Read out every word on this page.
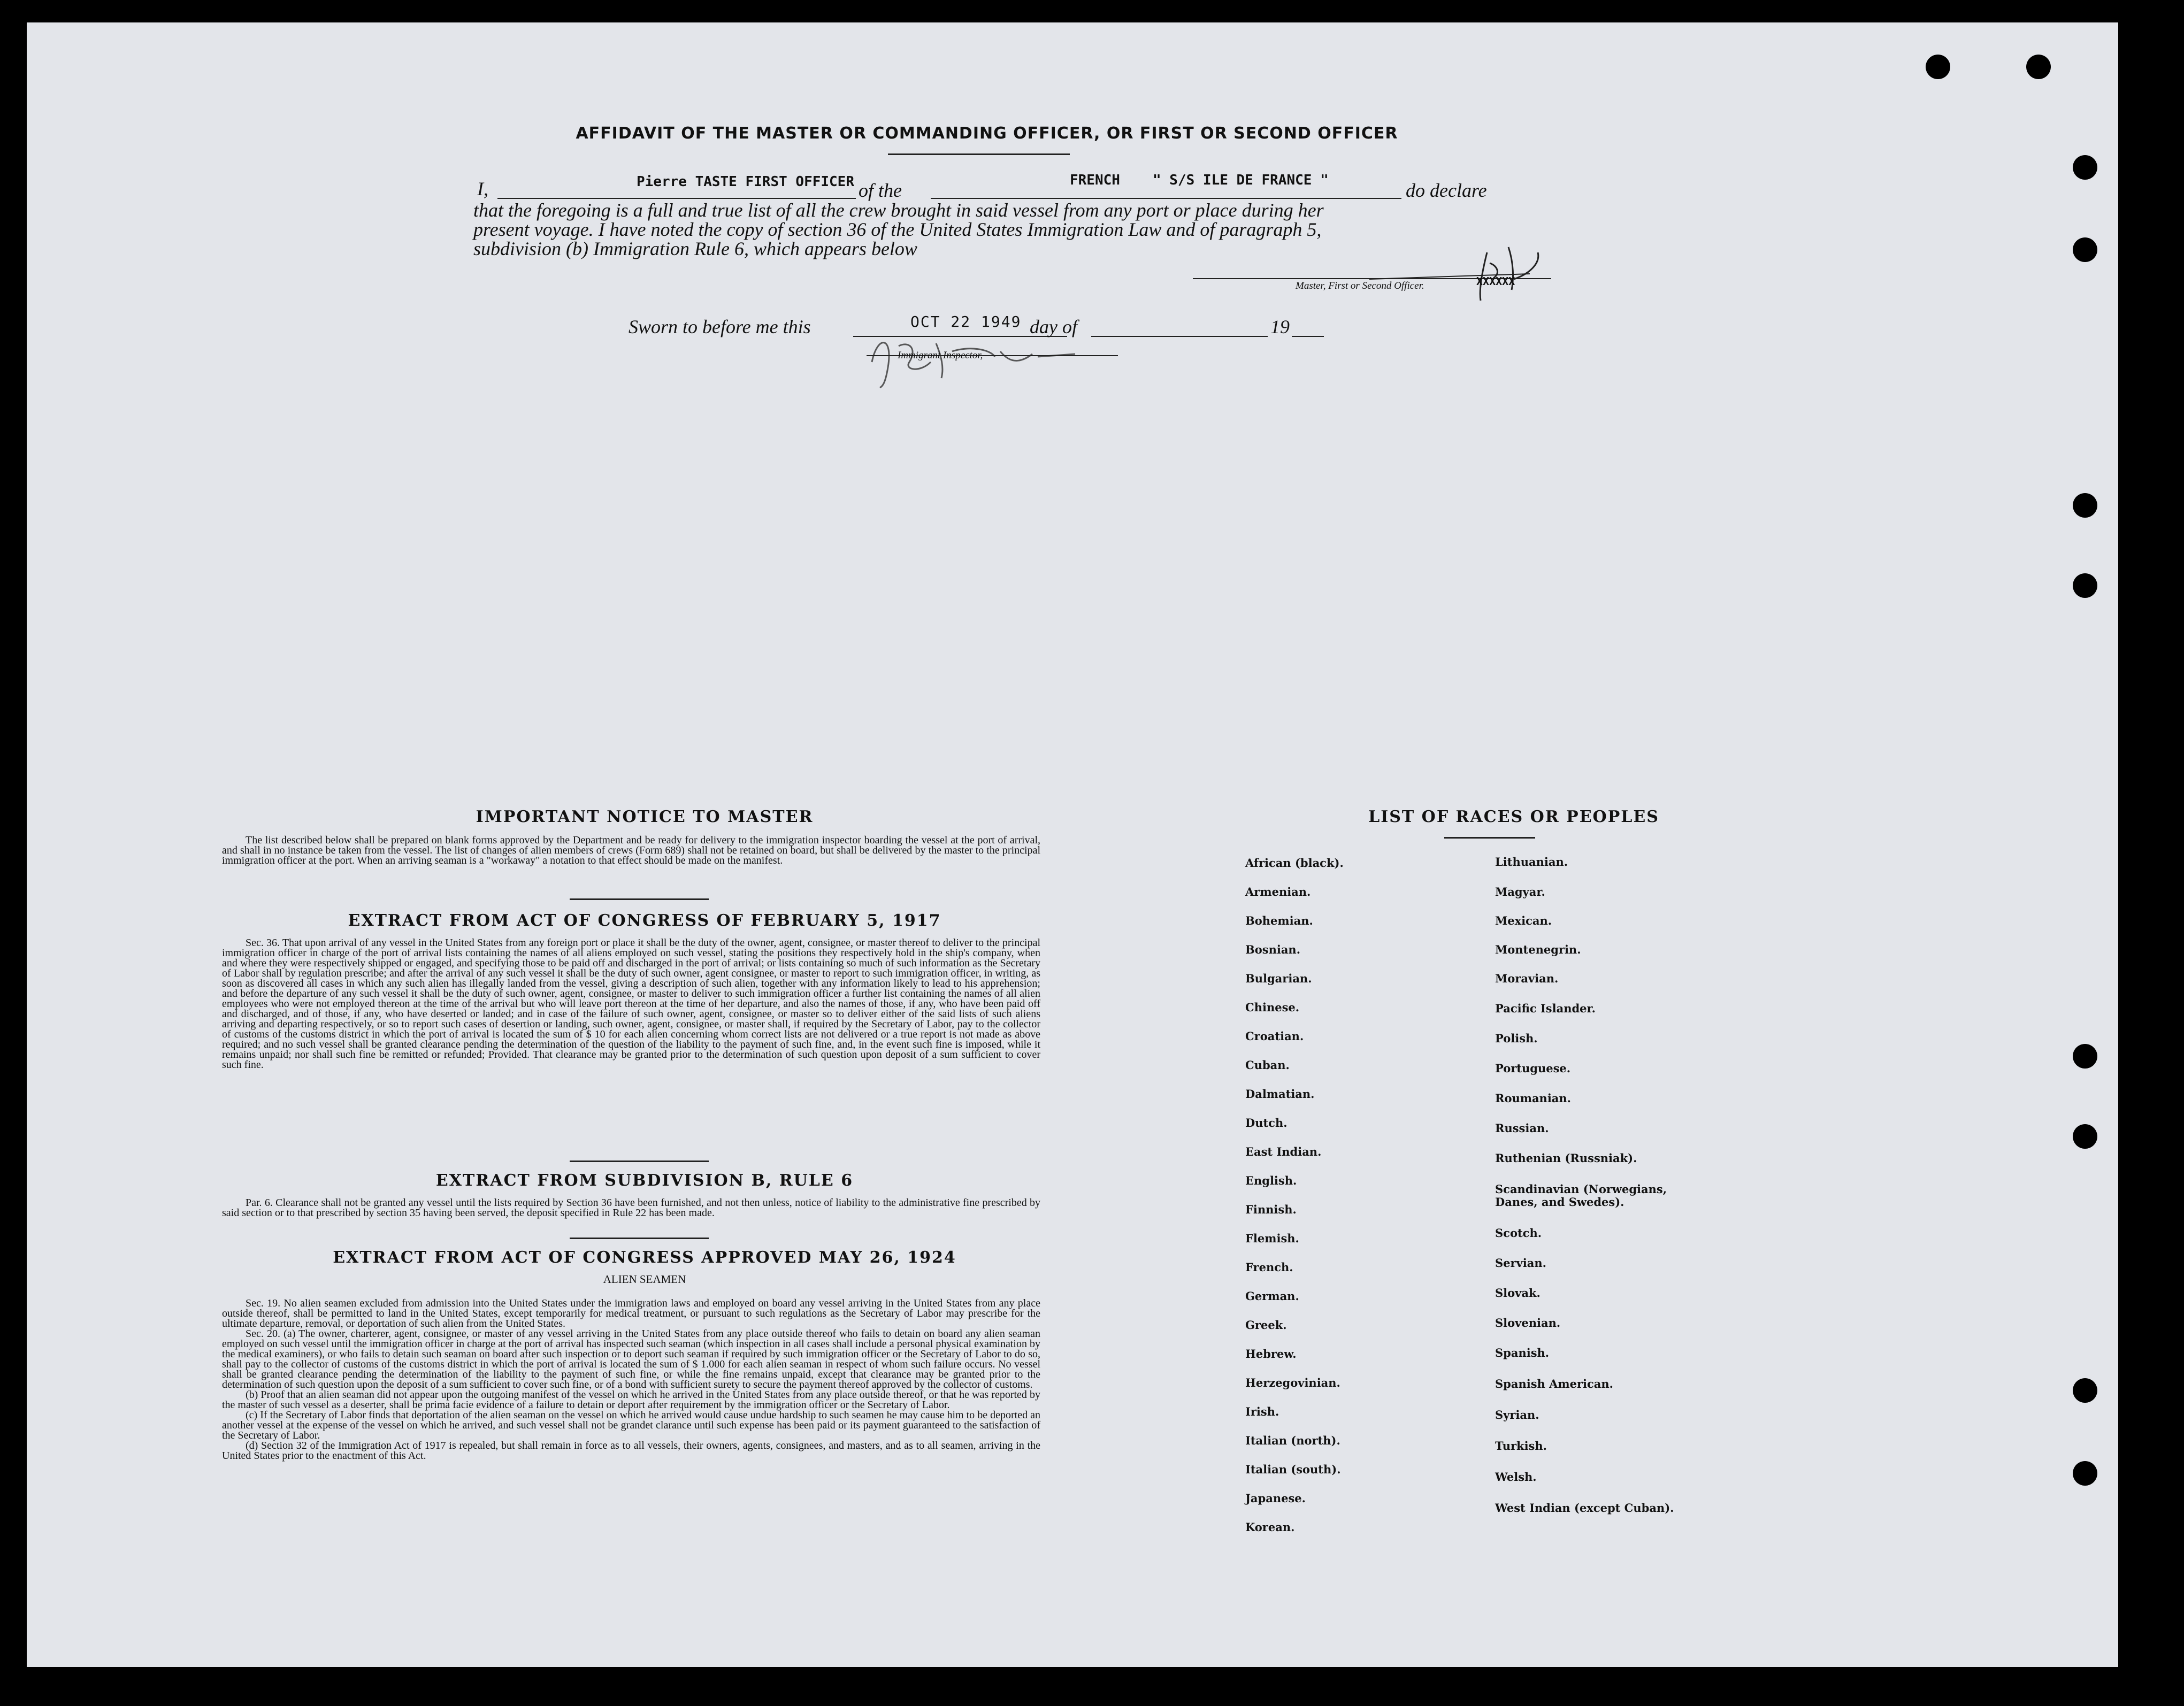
AFFIDAVIT OF THE MASTER OR COMMANDING OFFICER, OR FIRST OR SECOND OFFICER
I,	Pierre TASTE FIRST OFFICER of the	FRENCH " S/S ILE DE FRANCE "	do declare
that the foregoing is a full and true list of all the crew brought in said vessel from any port or place during her
present voyage. I have noted the copy of section 36 of the United States Immigration Law and of paragraph 5,
subdivision (b) Immigration Rule 6, which appears below
Master, First or Second Officer.	XXXXXX
Sworn to before me this	OCT 22 1949 day of	19
Immigrant Inspector,
IMPORTANT NOTICE TO MASTER

The list described below shall be prepared on blank forms approved by the Department and be ready for delivery to the immigration inspector boarding the vessel at the port of arrival, and shall in no instance be taken from the vessel. The list of changes of alien members of crews (Form 689) shall not be retained on board, but shall be delivered by the master to the principal immigration officer at the port. When an arriving seaman is a "workaway" a notation to that effect should be made on the manifest.

EXTRACT FROM ACT OF CONGRESS OF FEBRUARY 5, 1917

Sec. 36. That upon arrival of any vessel in the United States from any foreign port or place it shall be the duty of the owner, agent, consignee, or master thereof to deliver to the principal immigration officer in charge of the port of arrival lists containing the names of all aliens employed on such vessel, stating the positions they respectively hold in the ship's company, when and where they were respectively shipped or engaged, and specifying those to be paid off and discharged in the port of arrival; or lists containing so much of such information as the Secretary of Labor shall by regulation prescribe; and after the arrival of any such vessel it shall be the duty of such owner, agent consignee, or master to report to such immigration officer, in writing, as soon as discovered all cases in which any such alien has illegally landed from the vessel, giving a description of such alien, together with any information likely to lead to his apprehension; and before the departure of any such vessel it shall be the duty of such owner, agent, consignee, or master to deliver to such immigration officer a further list containing the names of all alien employees who were not employed thereon at the time of the arrival but who will leave port thereon at the time of her departure, and also the names of those, if any, who have been paid off and discharged, and of those, if any, who have deserted or landed; and in case of the failure of such owner, agent, consignee, or master so to deliver either of the said lists of such aliens arriving and departing respectively, or so to report such cases of desertion or landing, such owner, agent, consignee, or master shall, if required by the Secretary of Labor, pay to the collector of customs of the customs district in which the port of arrival is located the sum of $ 10 for each alien concerning whom correct lists are not delivered or a true report is not made as above required; and no such vessel shall be granted clearance pending the determination of the question of the liability to the payment of such fine, and, in the event such fine is imposed, while it remains unpaid; nor shall such fine be remitted or refunded; Provided. That clearance may be granted prior to the determination of such question upon deposit of a sum sufficient to cover such fine.

EXTRACT FROM SUBDIVISION B, RULE 6

Par. 6. Clearance shall not be granted any vessel until the lists required by Section 36 have been furnished, and not then unless, notice of liability to the administrative fine prescribed by said section or to that prescribed by section 35 having been served, the deposit specified in Rule 22 has been made.

EXTRACT FROM ACT OF CONGRESS APPROVED MAY 26, 1924
ALIEN SEAMEN

Sec. 19. No alien seamen excluded from admission into the United States under the immigration laws and employed on board any vessel arriving in the United States from any place outside thereof, shall be permitted to land in the United States, except temporarily for medical treatment, or pursuant to such regulations as the Secretary of Labor may prescribe for the ultimate departure, removal, or deportation of such alien from the United States.

Sec. 20. (a) The owner, charterer, agent, consignee, or master of any vessel arriving in the United States from any place outside thereof who fails to detain on board any alien seaman employed on such vessel until the immigration officer in charge at the port of arrival has inspected such seaman (which inspection in all cases shall include a personal physical examination by the medical examiners), or who fails to detain such seaman on board after such inspection or to deport such seaman if required by such immigration officer or the Secretary of Labor to do so, shall pay to the collector of customs of the customs district in which the port of arrival is located the sum of $ 1.000 for each alien seaman in respect of whom such failure occurs. No vessel shall be granted clearance pending the determination of the liability to the payment of such fine, or while the fine remains unpaid, except that clearance may be granted prior to the determination of such question upon the deposit of a sum sufficient to cover such fine, or of a bond with sufficient surety to secure the payment thereof approved by the collector of customs.

(b) Proof that an alien seaman did not appear upon the outgoing manifest of the vessel on which he arrived in the United States from any place outside thereof, or that he was reported by the master of such vessel as a deserter, shall be prima facie evidence of a failure to detain or deport after requirement by the immigration officer or the Secretary of Labor.

(c) If the Secretary of Labor finds that deportation of the alien seaman on the vessel on which he arrived would cause undue hardship to such seamen he may cause him to be deported an another vessel at the expense of the vessel on which he arrived, and such vessel shall not be grandet clarance until such expense has been paid or its payment guaranteed to the satisfaction of the Secretary of Labor.

(d) Section 32 of the Immigration Act of 1917 is repealed, but shall remain in force as to all vessels, their owners, agents, consignees, and masters, and as to all seamen, arriving in the United States prior to the enactment of this Act.

LIST OF RACES OR PEOPLES
African (black).
Armenian.
Bohemian.
Bosnian.
Bulgarian.
Chinese.
Croatian.
Cuban.
Dalmatian.
Dutch.
East Indian.
English.
Finnish.
Flemish.
French.
German.
Greek.
Hebrew.
Herzegovinian.
Irish.
Italian (north).
Italian (south).
Japanese.
Korean.
Lithuanian.
Magyar.
Mexican.
Montenegrin.
Moravian.
Pacific Islander.
Polish.
Portuguese.
Roumanian.
Russian.
Ruthenian (Russniak).
Scandinavian (Norwegians, Danes, and Swedes).
Scotch.
Servian.
Slovak.
Slovenian.
Spanish.
Spanish American.
Syrian.
Turkish.
Welsh.
West Indian (except Cuban).
